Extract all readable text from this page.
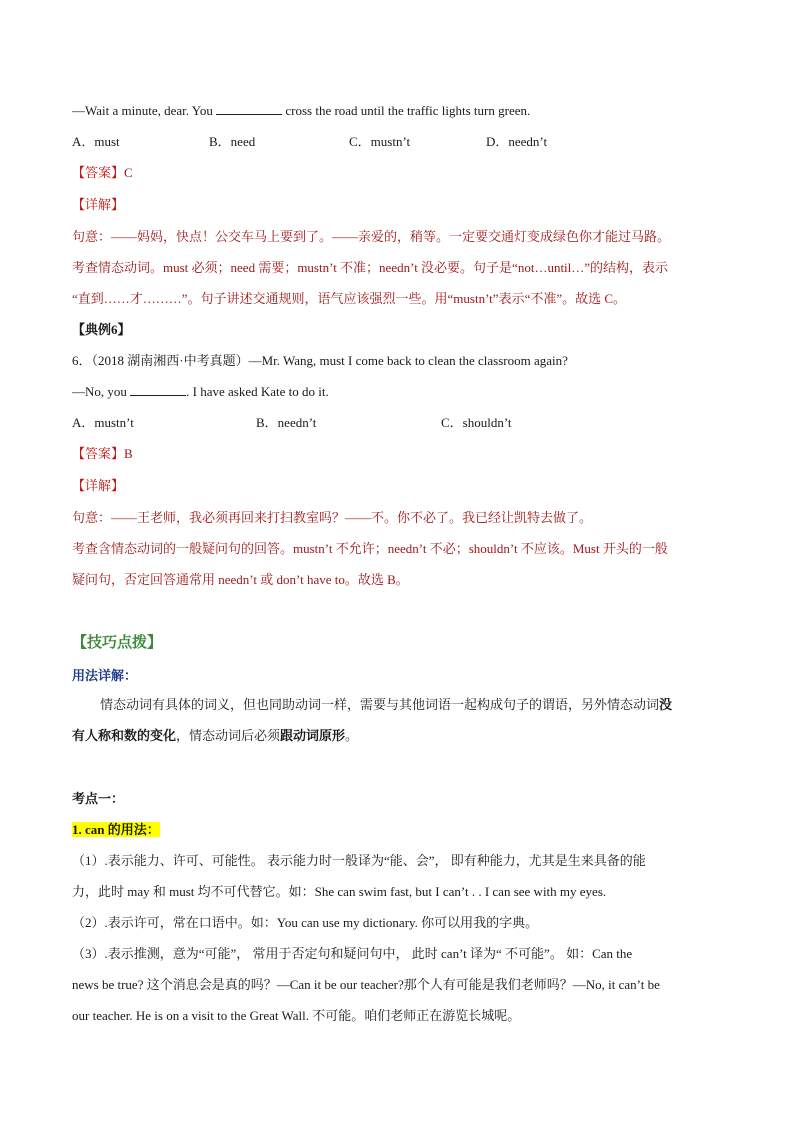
—Wait a minute, dear. You	cross the road until the traffic lights turn green.
A．must	B．need	C．mustn’t	D．needn’t
【答案】C
【详解】
句意：——妈妈，快点！公交车马上要到了。——亲爱的，稍等。一定要交通灯变成绿色你才能过马路。
考查情态动词。must 必须；need 需要；mustn’t 不准；needn’t 没必要。句子是“not…until…”的结构，表示
“直到……才………”。句子讲述交通规则，语气应该强烈一些。用“mustn’t”表示“不准”。故选 C。
【典例6】
6．（2018 湖南湘西·中考真题）—Mr. Wang, must I come back to clean the classroom again?
—No, you	. I have asked Kate to do it.
A．mustn’t	B．needn’t	C．shouldn’t
【答案】B
【详解】
句意：——王老师，我必须再回来打扫教室吗？——不。你不必了。我已经让凯特去做了。
考查含情态动词的一般疑问句的回答。mustn’t 不允许；needn’t 不必；shouldn’t 不应该。Must 开头的一般
疑问句，否定回答通常用 needn’t 或 don’t have to。故选 B。
【技巧点拨】
用法详解：
情态动词有具体的词义，但也同助动词一样，需要与其他词语一起构成句子的谓语，另外情态动词没
有人称和数的变化，情态动词后必须跟动词原形。
考点一：
1. can 的用法：
（1）.表示能力、许可、可能性。 表示能力时一般译为“能、会”， 即有种能力，尤其是生来具备的能
力，此时 may 和 must 均不可代替它。如：She can swim fast, but I can’t . . I can see with my eyes.
（2）.表示许可，常在口语中。如：You can use my dictionary. 你可以用我的字典。
（3）.表示推测，意为“可能”， 常用于否定句和疑问句中， 此时 can’t 译为“ 不可能”。 如：Can the
news be true? 这个消息会是真的吗？—Can it be our teacher?那个人有可能是我们老师吗？—No, it can’t be
our teacher. He is on a visit to the Great Wall. 不可能。咱们老师正在游览长城呢。
